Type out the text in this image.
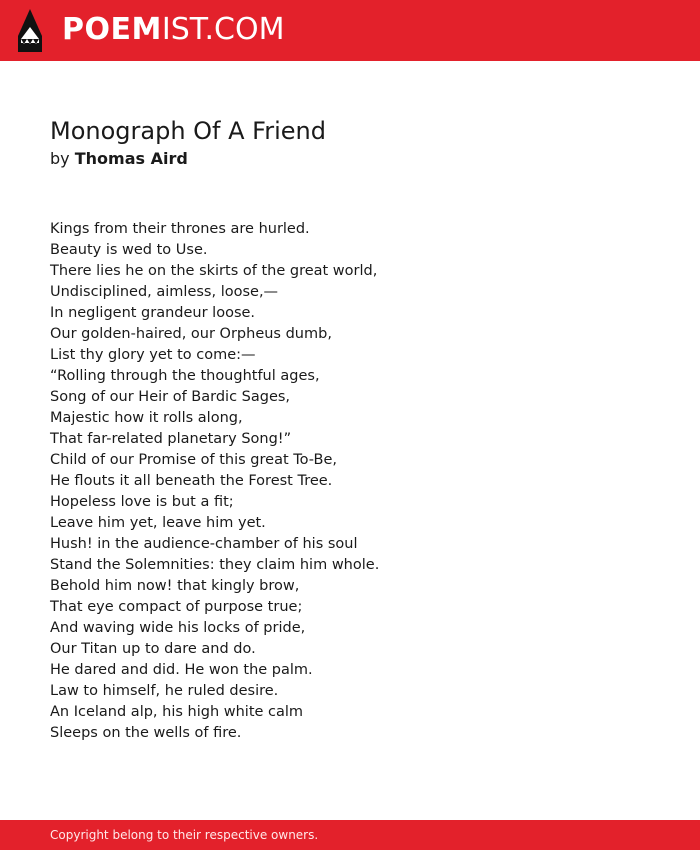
POEMIST.COM
Monograph Of A Friend
by Thomas Aird
Kings from their thrones are hurled.
Beauty is wed to Use.
There lies he on the skirts of the great world,
Undisciplined, aimless, loose,—
In negligent grandeur loose.
Our golden-haired, our Orpheus dumb,
List thy glory yet to come:—
“Rolling through the thoughtful ages,
Song of our Heir of Bardic Sages,
Majestic how it rolls along,
That far-related planetary Song!”
Child of our Promise of this great To-Be,
He flouts it all beneath the Forest Tree.
Hopeless love is but a fit;
Leave him yet, leave him yet.
Hush! in the audience-chamber of his soul
Stand the Solemnities: they claim him whole.
Behold him now! that kingly brow,
That eye compact of purpose true;
And waving wide his locks of pride,
Our Titan up to dare and do.
He dared and did. He won the palm.
Law to himself, he ruled desire.
An Iceland alp, his high white calm
Sleeps on the wells of fire.
Copyright belong to their respective owners.
